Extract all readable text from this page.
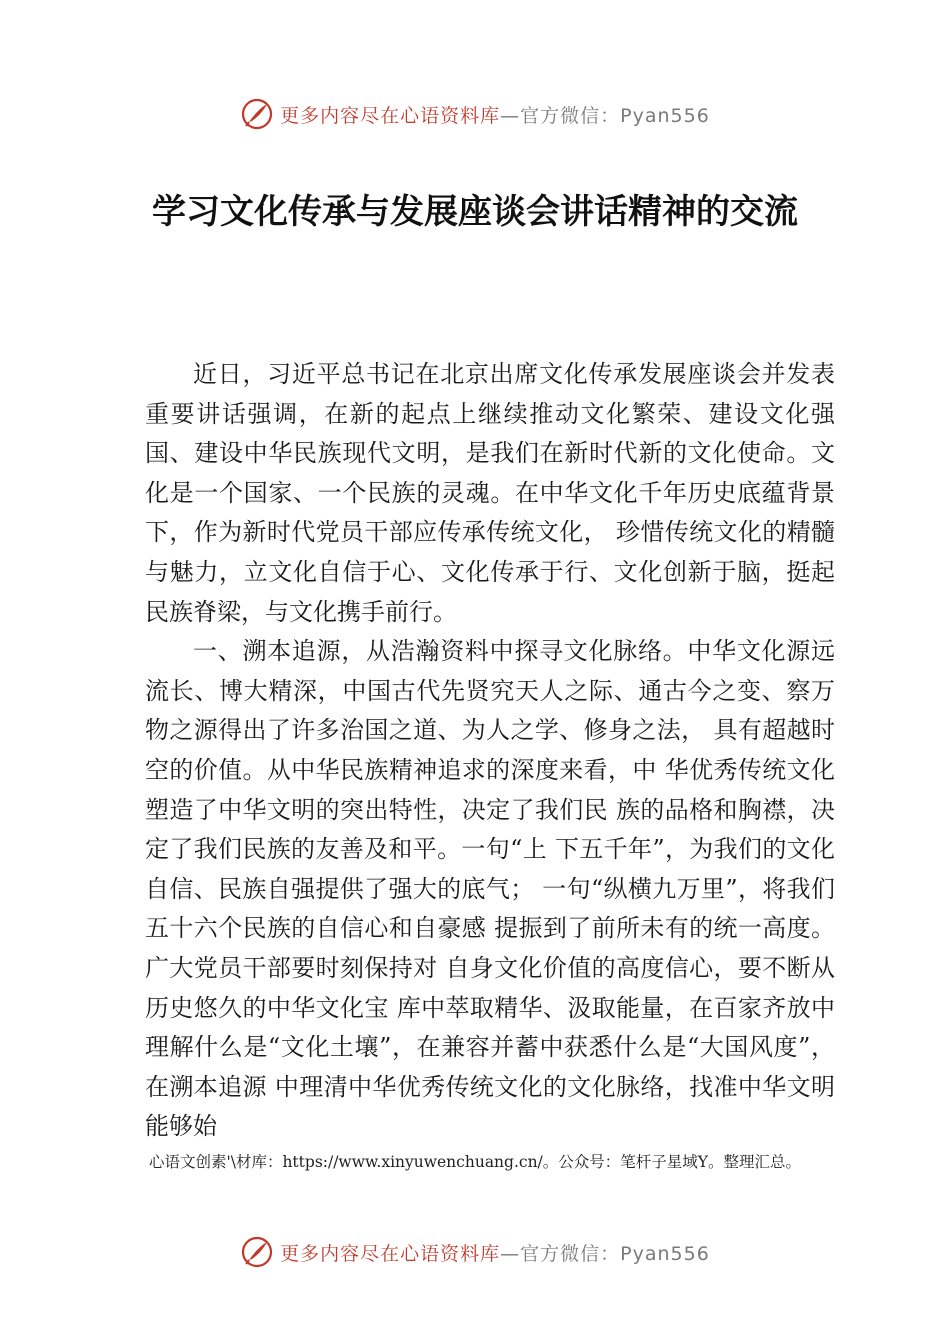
更多内容尽在心语资料库 —官方微信：Pyan556
学习文化传承与发展座谈会讲话精神的交流

近日，习近平总书记在北京出席文化传承发展座谈会并发表重要讲话强调，在新的起点上继续推动文化繁荣、建设文化强国、建设中华民族现代文明，是我们在新时代新的文化使命。文化是一个国家、一个民族的灵魂。在中华文化千年历史底蕴背景下，作为新时代党员干部应传承传统文化， 珍惜传统文化的精髓与魅力，立文化自信于心、文化传承于行、文化创新于脑，挺起民族脊梁，与文化携手前行。

一、溯本追源，从浩瀚资料中探寻文化脉络。中华文化源远流长、博大精深，中国古代先贤究天人之际、通古今之变、察万物之源得出了许多治国之道、为人之学、修身之法， 具有超越时空的价值。从中华民族精神追求的深度来看，中 华优秀传统文化塑造了中华文明的突出特性，决定了我们民 族的品格和胸襟，决定了我们民族的友善及和平。一句“上 下五千年”，为我们的文化自信、民族自强提供了强大的底气； 一句“纵横九万里”，将我们五十六个民族的自信心和自豪感 提振到了前所未有的统一高度。广大党员干部要时刻保持对 自身文化价值的高度信心，要不断从历史悠久的中华文化宝 库中萃取精华、汲取能量，在百家齐放中理解什么是“文化土壤”，在兼容并蓄中获悉什么是“大国风度”，在溯本追源 中理清中华优秀传统文化的文化脉络，找准中华文明能够始

心语文创素'\材库：https://www.xinyuwenchuang.cn/。公众号：笔杆子星域Y。整理汇总。
更多内容尽在心语资料库 —官方微信：Pyan556
